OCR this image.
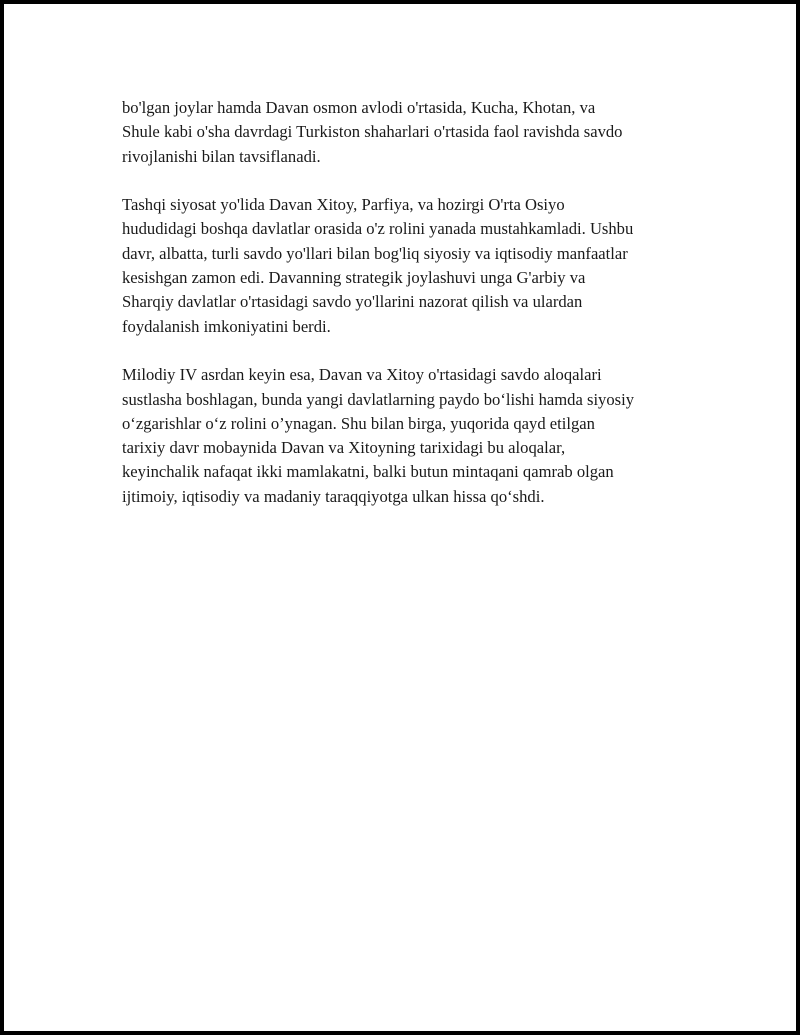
bo'lgan joylar hamda Davan osmon avlodi o'rtasida, Kucha, Khotan, va
Shule kabi o'sha davrdagi Turkiston shaharlari o'rtasida faol ravishda savdo
rivojlanishi bilan tavsiflanadi.

Tashqi siyosat yo'lida Davan Xitoy, Parfiya, va hozirgi O'rta Osiyo
hududidagi boshqa davlatlar orasida o'z rolini yanada mustahkamladi. Ushbu
davr, albatta, turli savdo yo'llari bilan bog'liq siyosiy va iqtisodiy manfaatlar
kesishgan zamon edi. Davanning strategik joylashuvi unga G'arbiy va
Sharqiy davlatlar o'rtasidagi savdo yo'llarini nazorat qilish va ulardan
foydalanish imkoniyatini berdi.

Milodiy IV asrdan keyin esa, Davan va Xitoy o'rtasidagi savdo aloqalari
sustlasha boshlagan, bunda yangi davlatlarning paydo bo‘lishi hamda siyosiy
o‘zgarishlar o‘z rolini o’ynagan. Shu bilan birga, yuqorida qayd etilgan
tarixiy davr mobaynida Davan va Xitoyning tarixidagi bu aloqalar,
keyinchalik nafaqat ikki mamlakatni, balki butun mintaqani qamrab olgan
ijtimoiy, iqtisodiy va madaniy taraqqiyotga ulkan hissa qo‘shdi.
